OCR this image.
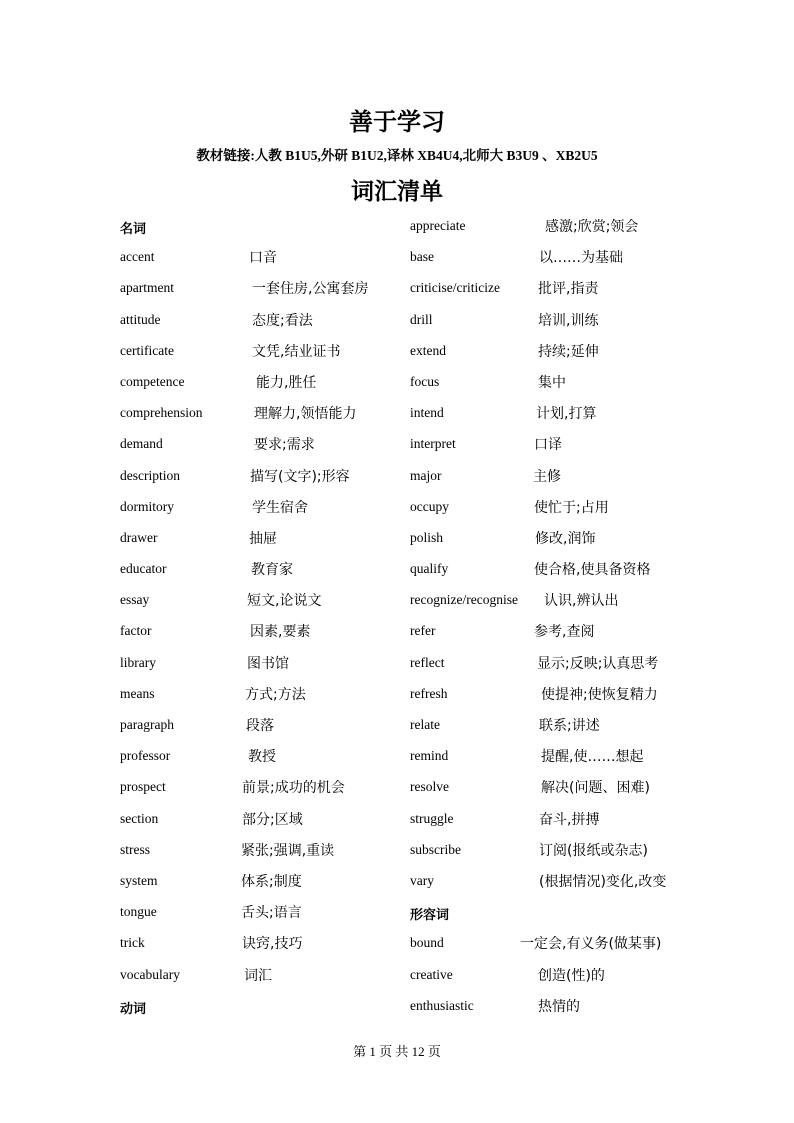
善于学习
教材链接:人教 B1U5,外研 B1U2,译林 XB4U4,北师大 B3U9 、XB2U5
词汇清单
名词
accent	口音
apartment	一套住房,公寓套房
attitude	态度;看法
certificate	文凭,结业证书
competence	能力,胜任
comprehension	理解力,领悟能力
demand	要求;需求
description	描写(文字);形容
dormitory	学生宿舍
drawer	抽屉
educator	教育家
essay	短文,论说文
factor	因素,要素
library	图书馆
means	方式;方法
paragraph	段落
professor	教授
prospect	前景;成功的机会
section	部分;区域
stress	紧张;强调,重读
system	体系;制度
tongue	舌头;语言
trick	诀窍,技巧
vocabulary	词汇
动词
appreciate	感激;欣赏;领会
base	以……为基础
criticise/criticize	批评,指责
drill	培训,训练
extend	持续;延伸
focus	集中
intend	计划,打算
interpret	口译
major	主修
occupy	使忙于;占用
polish	修改,润饰
qualify	使合格,使具备资格
recognize/recognise 认识,辨认出
refer	参考,查阅
reflect	显示;反映;认真思考
refresh	使提神;使恢复精力
relate	联系;讲述
remind	提醒,使……想起
resolve	解决(问题、困难)
struggle	奋斗,拼搏
subscribe	订阅(报纸或杂志)
vary	(根据情况)变化,改变
形容词
bound	一定会,有义务(做某事)
creative	创造(性)的
enthusiastic	热情的
第 1 页 共 12 页
